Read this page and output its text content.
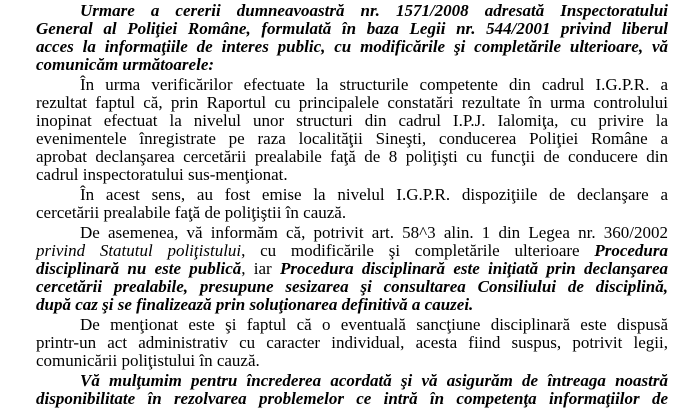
Urmare a cererii dumneavoastră nr. 1571/2008 adresată Inspectoratului
General al Poliţiei Române, formulată în baza Legii nr. 544/2001 privind liberul
acces la informaţiile de interes public, cu modificările şi completările ulterioare, vă
comunicăm următoarele:
În urma verificărilor efectuate la structurile competente din cadrul I.G.P.R. a
rezultat faptul că, prin Raportul cu principalele constatări rezultate în urma controlului
inopinat efectuat la nivelul unor structuri din cadrul I.P.J. Ialomiţa, cu privire la
evenimentele înregistrate pe raza localităţii Sineşti, conducerea Poliţiei Române a
aprobat declanşarea cercetării prealabile faţă de 8 poliţişti cu funcţii de conducere din
cadrul inspectoratului sus-menţionat.
În acest sens, au fost emise la nivelul I.G.P.R. dispoziţiile de declanşare a
cercetării prealabile faţă de poliţiştii în cauză.
De asemenea, vă informăm că, potrivit art. 58^3 alin. 1 din Legea nr. 360/2002
privind Statutul poliţistului, cu modificările şi completările ulterioare Procedura
disciplinară nu este publică, iar Procedura disciplinară este iniţiată prin declanşarea
cercetării prealabile, presupune sesizarea şi consultarea Consiliului de disciplină,
după caz şi se finalizează prin soluţionarea definitivă a cauzei.
De menţionat este şi faptul că o eventuală sancţiune disciplinară este dispusă
printr-un act administrativ cu caracter individual, acesta fiind suspus, potrivit legii,
comunicării poliţistului în cauză.
Vă mulţumim pentru încrederea acordată şi vă asigurăm de întreaga noastră
disponibilitate în rezolvarea problemelor ce intră în competenţa informaţiilor de
